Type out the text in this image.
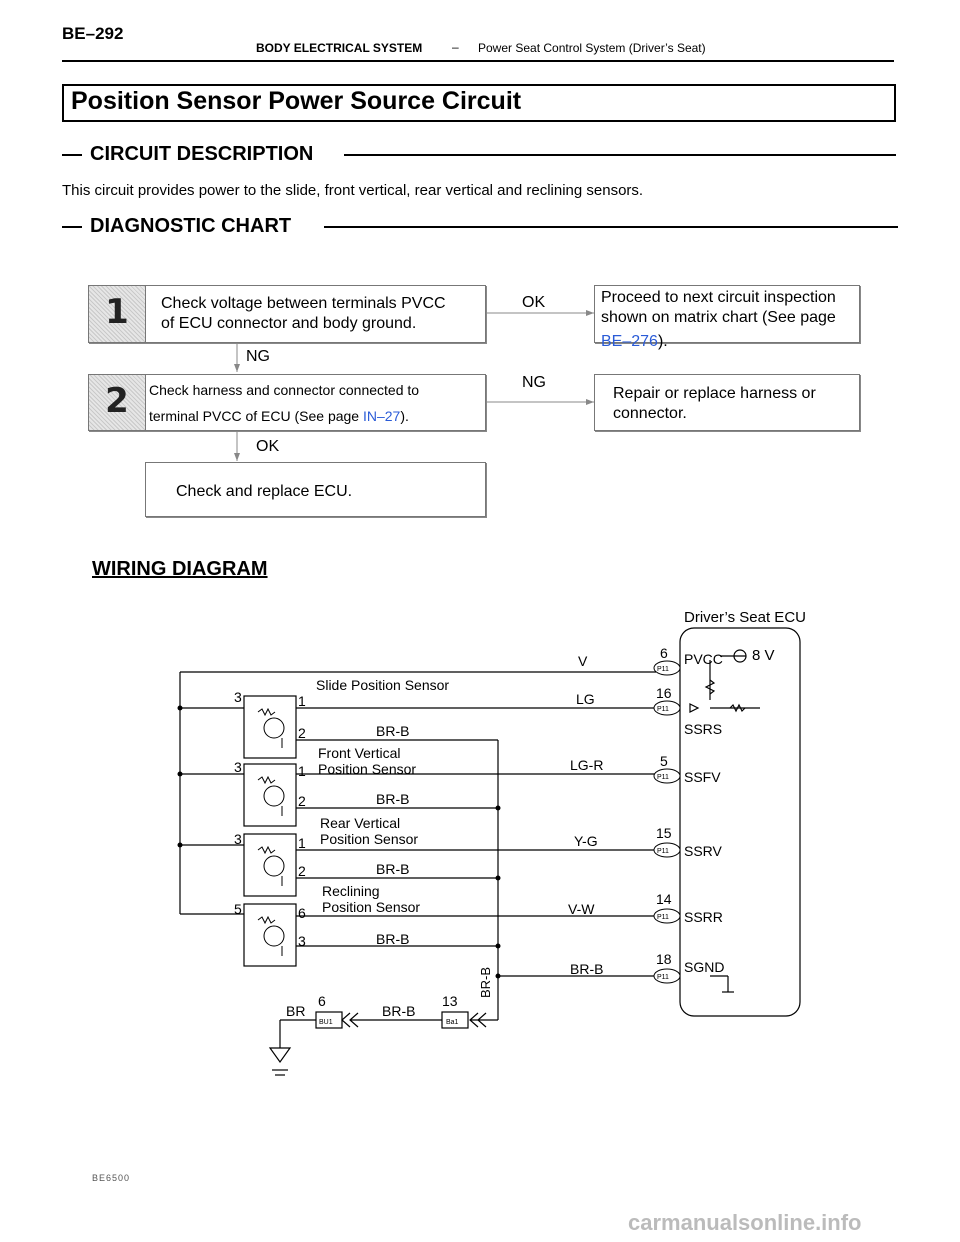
BE–292
BODY ELECTRICAL SYSTEM – Power Seat Control System (Driver’s Seat)
Position Sensor Power Source Circuit
CIRCUIT DESCRIPTION
This circuit provides power to the slide, front vertical, rear vertical and reclining sensors.
DIAGNOSTIC CHART
1	Check voltage between terminals PVCC
of ECU connector and body ground.
OK	Proceed to next circuit inspection
shown on matrix chart (See page
BE–276).
NG
2	Check harness and connector connected to
terminal PVCC of ECU (See page IN–27).
NG
Repair or replace harness or
connector.
OK
Check and replace ECU.
WIRING DIAGRAM
Driver’s Seat ECU
8 V
6
P11
PVCC
V
16
P11
SSRS
LG
5
P11 SSFV
LG-R
15
P11 SSRV
Y-G
14
P11 SSRR
V-W
18
P11
SGND
BR-B
Slide Position Sensor
3	1
2	BR-B
Front Vertical
Position Sensor
3	1
2	BR-B
Rear Vertical
Position Sensor
3	1
2	BR-B
Reclining
Position Sensor
5	6
3	BR-B
BR-B
BR
6
BU1
BR-B
13
Ba1
BE6500
carmanualsonline.info
